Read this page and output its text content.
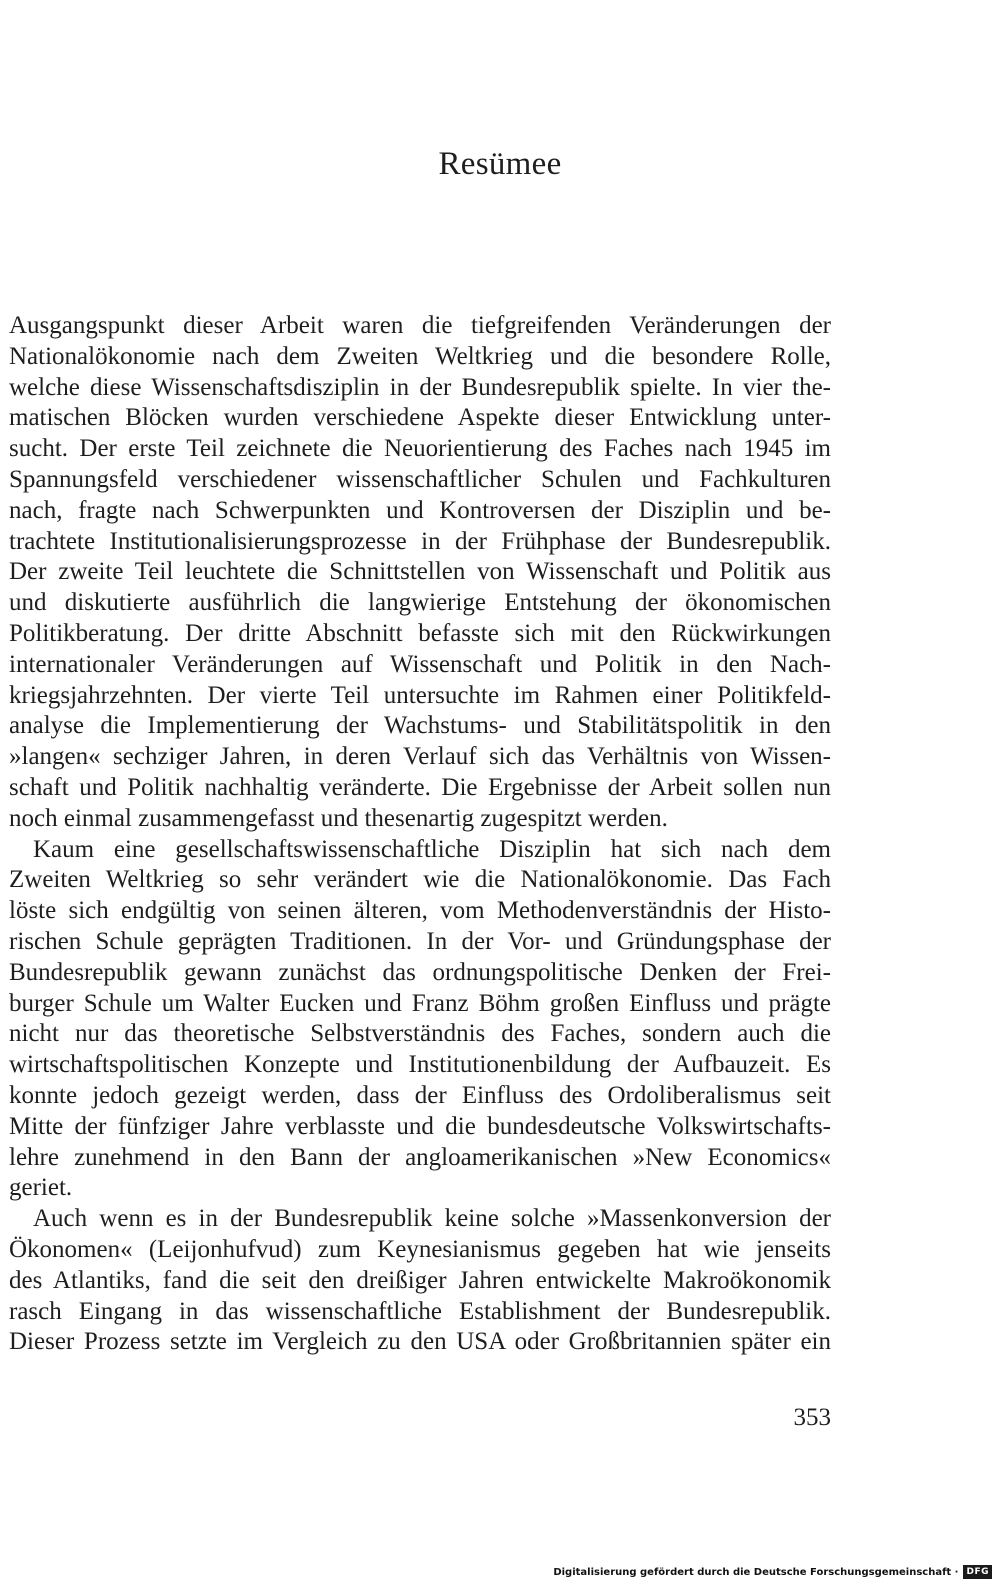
Resümee
Ausgangspunkt dieser Arbeit waren die tiefgreifenden Veränderungen der
Nationalökonomie nach dem Zweiten Weltkrieg und die besondere Rolle,
welche diese Wissenschaftsdisziplin in der Bundesrepublik spielte. In vier the-
matischen Blöcken wurden verschiedene Aspekte dieser Entwicklung unter-
sucht. Der erste Teil zeichnete die Neuorientierung des Faches nach 1945 im
Spannungsfeld verschiedener wissenschaftlicher Schulen und Fachkulturen
nach, fragte nach Schwerpunkten und Kontroversen der Disziplin und be-
trachtete Institutionalisierungsprozesse in der Frühphase der Bundesrepublik.
Der zweite Teil leuchtete die Schnittstellen von Wissenschaft und Politik aus
und diskutierte ausführlich die langwierige Entstehung der ökonomischen
Politikberatung. Der dritte Abschnitt befasste sich mit den Rückwirkungen
internationaler Veränderungen auf Wissenschaft und Politik in den Nach-
kriegsjahrzehnten. Der vierte Teil untersuchte im Rahmen einer Politikfeld-
analyse die Implementierung der Wachstums- und Stabilitätspolitik in den
»langen« sechziger Jahren, in deren Verlauf sich das Verhältnis von Wissen-
schaft und Politik nachhaltig veränderte. Die Ergebnisse der Arbeit sollen nun
noch einmal zusammengefasst und thesenartig zugespitzt werden.
Kaum eine gesellschaftswissenschaftliche Disziplin hat sich nach dem
Zweiten Weltkrieg so sehr verändert wie die Nationalökonomie. Das Fach
löste sich endgültig von seinen älteren, vom Methodenverständnis der Histo-
rischen Schule geprägten Traditionen. In der Vor- und Gründungsphase der
Bundesrepublik gewann zunächst das ordnungspolitische Denken der Frei-
burger Schule um Walter Eucken und Franz Böhm großen Einfluss und prägte
nicht nur das theoretische Selbstverständnis des Faches, sondern auch die
wirtschaftspolitischen Konzepte und Institutionenbildung der Aufbauzeit. Es
konnte jedoch gezeigt werden, dass der Einfluss des Ordoliberalismus seit
Mitte der fünfziger Jahre verblasste und die bundesdeutsche Volkswirtschafts-
lehre zunehmend in den Bann der angloamerikanischen »New Economics«
geriet.
Auch wenn es in der Bundesrepublik keine solche »Massenkonversion der
Ökonomen« (Leijonhufvud) zum Keynesianismus gegeben hat wie jenseits
des Atlantiks, fand die seit den dreißiger Jahren entwickelte Makroökonomik
rasch Eingang in das wissenschaftliche Establishment der Bundesrepublik.
Dieser Prozess setzte im Vergleich zu den USA oder Großbritannien später ein
353
Digitalisierung gefördert durch die Deutsche Forschungsgemeinschaft · DFG
